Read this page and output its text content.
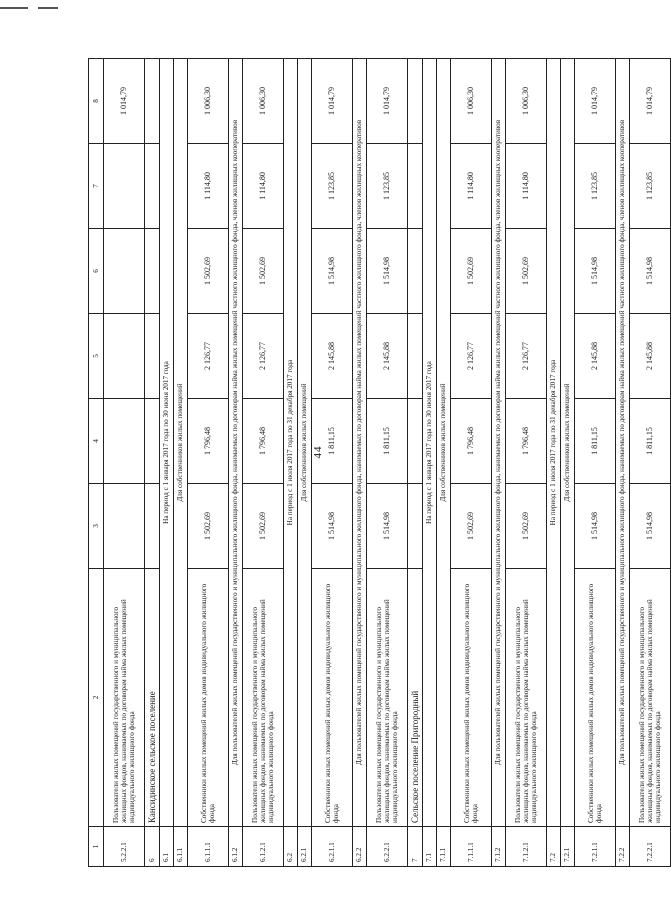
44
1	2	3	4	5	6	7	8
5.2.2.1	Пользователи жилых помещений государственного и муниципального жилищных фондов, нанимаемых по договорам найма жилых помещений индивидуального жилищного фонда						1 014,79
6	Кансидинское сельское поселение						
6.1	На период с 1 января 2017 года по 30 июня 2017 года						
6.1.1	Для собственников жилых помещений						
6.1.1.1	Собственники жилых помещений жилых домов индивидуального жилищного фонда	1 502,69	1 796,48	2 126,77	1 502,69	1 114,80	1 006,30
6.1.2	Для пользователей жилых помещений государственного и муниципального жилищного фонда, нанимаемых по договорам найма жилых помещений частного жилищного фонда, членов жилищных кооперативов						
6.1.2.1	Пользователи жилых помещений государственного и муниципального жилищных фондов, нанимаемых по договорам найма жилых помещений индивидуального жилищного фонда	1 502,69	1 796,48	2 126,77	1 502,69	1 114,80	1 006,30
6.2	На период с 1 июля 2017 года по 31 декабря 2017 года						
6.2.1	Для собственников жилых помещений						
6.2.1.1	Собственники жилых помещений жилых домов индивидуального жилищного фонда	1 514,98	1 811,15	2 145,88	1 514,98	1 123,85	1 014,79
6.2.2	Для пользователей жилых помещений государственного и муниципального жилищного фонда, нанимаемых по договорам найма жилых помещений частного жилищного фонда, членов жилищных кооперативов						
6.2.2.1	Пользователи жилых помещений государственного и муниципального жилищных фондов, нанимаемых по договорам найма жилых помещений индивидуального жилищного фонда	1 514,98	1 811,15	2 145,88	1 514,98	1 123,85	1 014,79
7	Сельское поселение Пригородный						
7.1	На период с 1 января 2017 года по 30 июня 2017 года						
7.1.1	Для собственников жилых помещений						
7.1.1.1	Собственники жилых помещений жилых домов индивидуального жилищного фонда	1 502,69	1 796,48	2 126,77	1 502,69	1 114,80	1 006,30
7.1.2	Для пользователей жилых помещений государственного и муниципального жилищного фонда, нанимаемых по договорам найма жилых помещений частного жилищного фонда, членов жилищных кооперативов						
7.1.2.1	Пользователи жилых помещений государственного и муниципального жилищных фондов, нанимаемых по договорам найма жилых помещений индивидуального жилищного фонда	1 502,69	1 796,48	2 126,77	1 502,69	1 114,80	1 006,30
7.2	На период с 1 июля 2017 года по 31 декабря 2017 года						
7.2.1	Для собственников жилых помещений						
7.2.1.1	Собственники жилых помещений жилых домов индивидуального жилищного фонда	1 514,98	1 811,15	2 145,88	1 514,98	1 123,85	1 014,79
7.2.2	Для пользователей жилых помещений государственного и муниципального жилищного фонда, нанимаемых по договорам найма жилых помещений частного жилищного фонда, членов жилищных кооперативов						
7.2.2.1	Пользователи жилых помещений государственного и муниципального жилищных фондов, нанимаемых по договорам найма жилых помещений индивидуального жилищного фонда	1 514,98	1 811,15	2 145,88	1 514,98	1 123,85	1 014,79
